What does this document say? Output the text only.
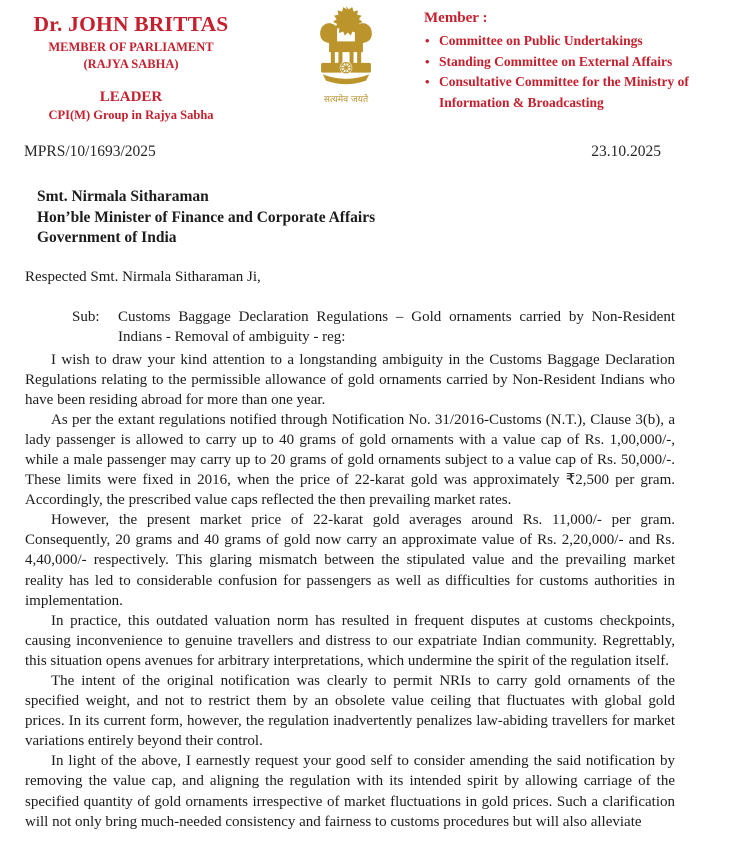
Dr. JOHN BRITTAS
MEMBER OF PARLIAMENT
(RAJYA SABHA)
LEADER
CPI(M) Group in Rajya Sabha
सत्यमेव जयते
Member :
• Committee on Public Undertakings
• Standing Committee on External Affairs
• Consultative Committee for the Ministry of Information & Broadcasting
MPRS/10/1693/2025	23.10.2025
Smt. Nirmala Sitharaman
Hon’ble Minister of Finance and Corporate Affairs
Government of India

Respected Smt. Nirmala Sitharaman Ji,

Sub:	Customs Baggage Declaration Regulations – Gold ornaments carried by Non-Resident Indians - Removal of ambiguity - reg:

I wish to draw your kind attention to a longstanding ambiguity in the Customs Baggage Declaration Regulations relating to the permissible allowance of gold ornaments carried by Non-Resident Indians who have been residing abroad for more than one year.

As per the extant regulations notified through Notification No. 31/2016-Customs (N.T.), Clause 3(b), a lady passenger is allowed to carry up to 40 grams of gold ornaments with a value cap of Rs. 1,00,000/-, while a male passenger may carry up to 20 grams of gold ornaments subject to a value cap of Rs. 50,000/-. These limits were fixed in 2016, when the price of 22-karat gold was approximately ₹2,500 per gram. Accordingly, the prescribed value caps reflected the then prevailing market rates.

However, the present market price of 22-karat gold averages around Rs. 11,000/- per gram. Consequently, 20 grams and 40 grams of gold now carry an approximate value of Rs. 2,20,000/- and Rs. 4,40,000/- respectively. This glaring mismatch between the stipulated value and the prevailing market reality has led to considerable confusion for passengers as well as difficulties for customs authorities in implementation.

In practice, this outdated valuation norm has resulted in frequent disputes at customs checkpoints, causing inconvenience to genuine travellers and distress to our expatriate Indian community. Regrettably, this situation opens avenues for arbitrary interpretations, which undermine the spirit of the regulation itself.

The intent of the original notification was clearly to permit NRIs to carry gold ornaments of the specified weight, and not to restrict them by an obsolete value ceiling that fluctuates with global gold prices. In its current form, however, the regulation inadvertently penalizes law-abiding travellers for market variations entirely beyond their control.

In light of the above, I earnestly request your good self to consider amending the said notification by removing the value cap, and aligning the regulation with its intended spirit by allowing carriage of the specified quantity of gold ornaments irrespective of market fluctuations in gold prices. Such a clarification will not only bring much-needed consistency and fairness to customs procedures but will also alleviate
